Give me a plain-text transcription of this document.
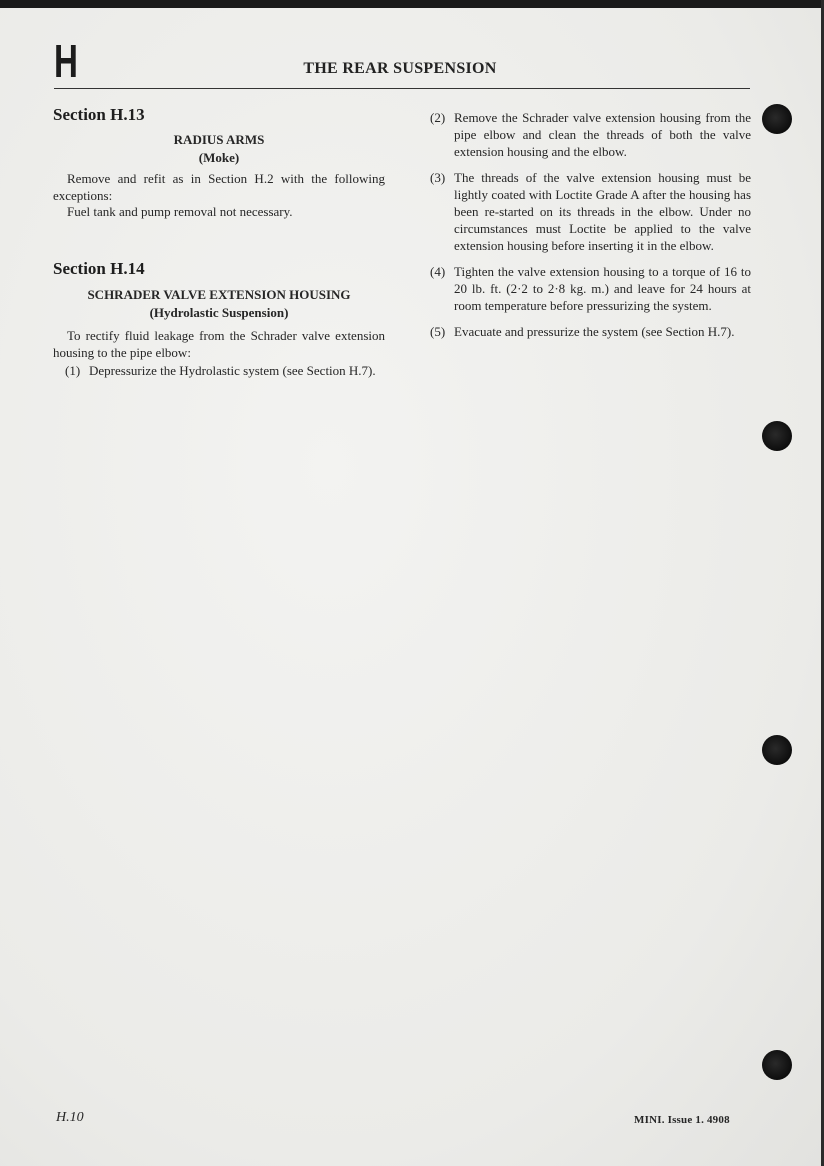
H	THE REAR SUSPENSION
Section H.13
RADIUS ARMS
(Moke)

Remove and refit as in Section H.2 with the following exceptions:

Fuel tank and pump removal not necessary.

Section H.14
SCHRADER VALVE EXTENSION HOUSING
(Hydrolastic Suspension)

To rectify fluid leakage from the Schrader valve extension housing to the pipe elbow:

(1) Depressurize the Hydrolastic system (see Section H.7).
(2) Remove the Schrader valve extension housing from the pipe elbow and clean the threads of both the valve extension housing and the elbow.
(3) The threads of the valve extension housing must be lightly coated with Loctite Grade A after the housing has been re-started on its threads in the elbow. Under no circumstances must Loctite be applied to the valve extension housing before inserting it in the elbow.
(4) Tighten the valve extension housing to a torque of 16 to 20 lb. ft. (2·2 to 2·8 kg. m.) and leave for 24 hours at room temperature before pressurizing the system.
(5) Evacuate and pressurize the system (see Section H.7).
H.10	MINI. Issue 1. 4908
